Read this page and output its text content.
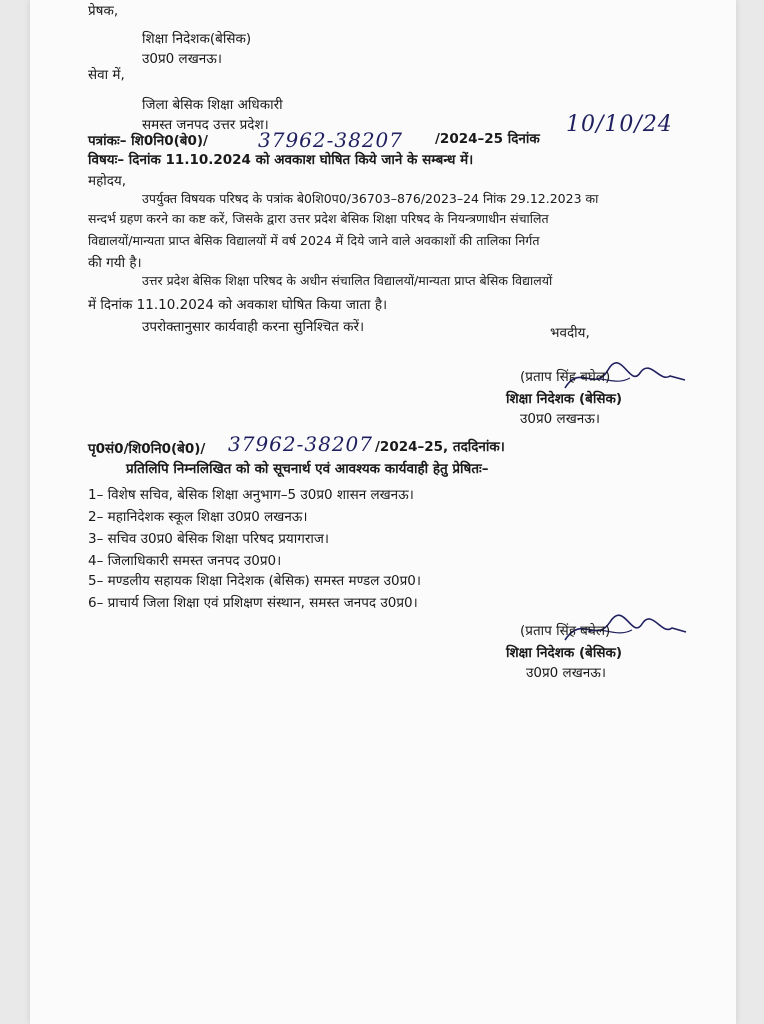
प्रेषक,
शिक्षा निदेशक(बेसिक)
उ0प्र0 लखनऊ।
सेवा में,
जिला बेसिक शिक्षा अधिकारी
समस्त जनपद उत्तर प्रदेश।
पत्रांकः– शि0नि0(बे0)/	37962-38207 /2024–25 दिनांक
10/10/24
विषयः– दिनांक 11.10.2024 को अवकाश घोषित किये जाने के सम्बन्ध में।
महोदय,
उपर्युक्त विषयक परिषद के पत्रांक बे0शि0प0/36703–876/2023–24 निांक 29.12.2023 का
सन्दर्भ ग्रहण करने का कष्ट करें, जिसके द्वारा उत्तर प्रदेश बेसिक शिक्षा परिषद के नियन्त्रणाधीन संचालित
विद्यालयों/मान्यता प्राप्त बेसिक विद्यालयों में वर्ष 2024 में दिये जाने वाले अवकाशों की तालिका निर्गत
की गयी है।
उत्तर प्रदेश बेसिक शिक्षा परिषद के अधीन संचालित विद्यालयों/मान्यता प्राप्त बेसिक विद्यालयों
में दिनांक 11.10.2024 को अवकाश घोषित किया जाता है।
उपरोक्तानुसार कार्यवाही करना सुनिश्चित करें।	भवदीय,
(प्रताप सिंह बघेल)
शिक्षा निदेशक (बेसिक)
उ0प्र0 लखनऊ।
पृ0सं0/शि0नि0(बे0)/ 37962-38207 /2024–25, तददिनांक।
प्रतिलिपि निम्नलिखित को को सूचनार्थ एवं आवश्यक कार्यवाही हेतु प्रेषितः–
1– विशेष सचिव, बेसिक शिक्षा अनुभाग–5 उ0प्र0 शासन लखनऊ।
2– महानिदेशक स्कूल शिक्षा उ0प्र0 लखनऊ।
3– सचिव उ0प्र0 बेसिक शिक्षा परिषद प्रयागराज।
4– जिलाधिकारी समस्त जनपद उ0प्र0।
5– मण्डलीय सहायक शिक्षा निदेशक (बेसिक) समस्त मण्डल उ0प्र0।
6– प्राचार्य जिला शिक्षा एवं प्रशिक्षण संस्थान, समस्त जनपद उ0प्र0।
(प्रताप सिंह बघेल)
शिक्षा निदेशक (बेसिक)
उ0प्र0 लखनऊ।
